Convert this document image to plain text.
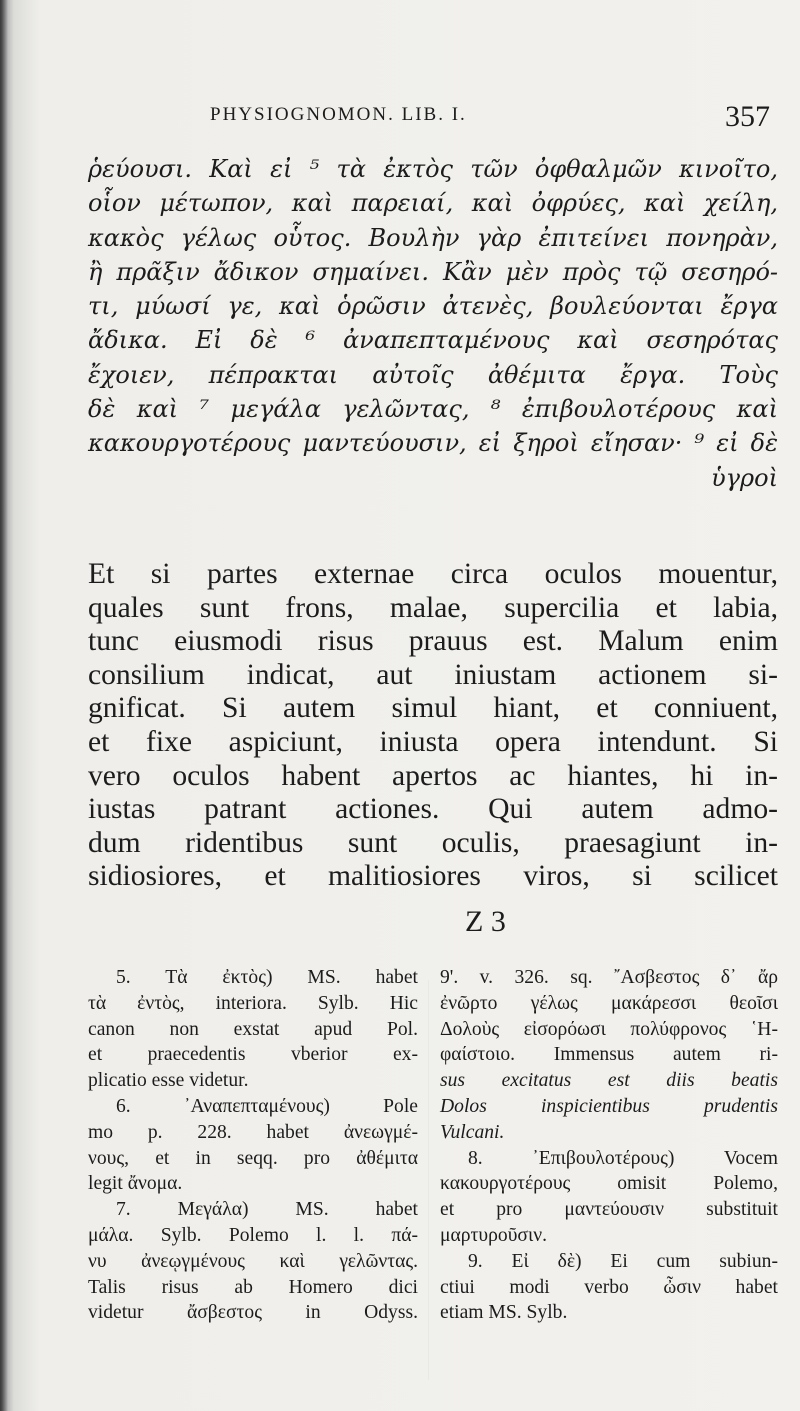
PHYSIOGNOMON. LIB. I.	357
ῥεύουσι. Καὶ εἰ ⁵ τὰ ἐκτὸς τῶν ὀφθαλμῶν κινοῖτο,
οἷον μέτωπον, καὶ παρειαί, καὶ ὀφρύες, καὶ χείλη,
κακὸς γέλως οὗτος. Βουλὴν γὰρ ἐπιτείνει πονηρὰν,
ἢ πρᾶξιν ἄδικον σημαίνει. Κἂν μὲν πρὸς τῷ σεσηρό-
τι, μύωσί γε, καὶ ὁρῶσιν ἀτενὲς, βουλεύονται ἔργα
ἄδικα. Εἰ δὲ ⁶ ἀναπεπταμένους καὶ σεσηρότας
ἔχοιεν, πέπρακται αὐτοῖς ἀθέμιτα ἔργα. Τοὺς
δὲ καὶ ⁷ μεγάλα γελῶντας, ⁸ ἐπιβουλοτέρους καὶ
κακουργοτέρους μαντεύουσιν, εἰ ξηροὶ εἴησαν· ⁹ εἰ δὲ
ὑγροὶ
Et si partes externae circa oculos mouentur,
quales sunt frons, malae, supercilia et labia,
tunc eiusmodi risus prauus est. Malum enim
consilium indicat, aut iniustam actionem si-
gnificat. Si autem simul hiant, et conniuent,
et fixe aspiciunt, iniusta opera intendunt. Si
vero oculos habent apertos ac hiantes, hi in-
iustas patrant actiones. Qui autem admo-
dum ridentibus sunt oculis, praesagiunt in-
sidiosiores, et malitiosiores viros, si scilicet
Z 3
5. Τὰ ἐκτὸς) MS. habet
τὰ ἐντὸς, interiora. Sylb. Hic
canon non exstat apud Pol.
et praecedentis vberior ex-
plicatio esse videtur.
6. ᾿Αναπεπταμένους) Pole
mo p. 228. habet ἀνεωγμέ-
νους, et in seqq. pro ἀθέμιτα
legit ἄνομα.
7. Μεγάλα) MS. habet
μάλα. Sylb. Polemo l. l. πά-
νυ ἀνεῳγμένους καὶ γελῶντας.
Talis risus ab Homero dici
videtur ἄσβεστος in Odyss.
9'. v. 326. sq. ῎Ασβεστος δ᾽ ἄρ
ἐνῶρτο γέλως μακάρεσσι θεοῖσι
Δολοὺς εἰσορόωσι πολύφρονος ῾Η-
φαίστοιο. Immensus autem ri-
sus excitatus est diis beatis
Dolos inspicientibus prudentis
Vulcani.
8. ᾿Επιβουλοτέρους) Vocem
κακουργοτέρους omisit Polemo,
et pro μαντεύουσιν substituit
μαρτυροῦσιν.
9. Εἰ δὲ) Ei cum subiun-
ctiui modi verbo ὦσιν habet
etiam MS. Sylb.
